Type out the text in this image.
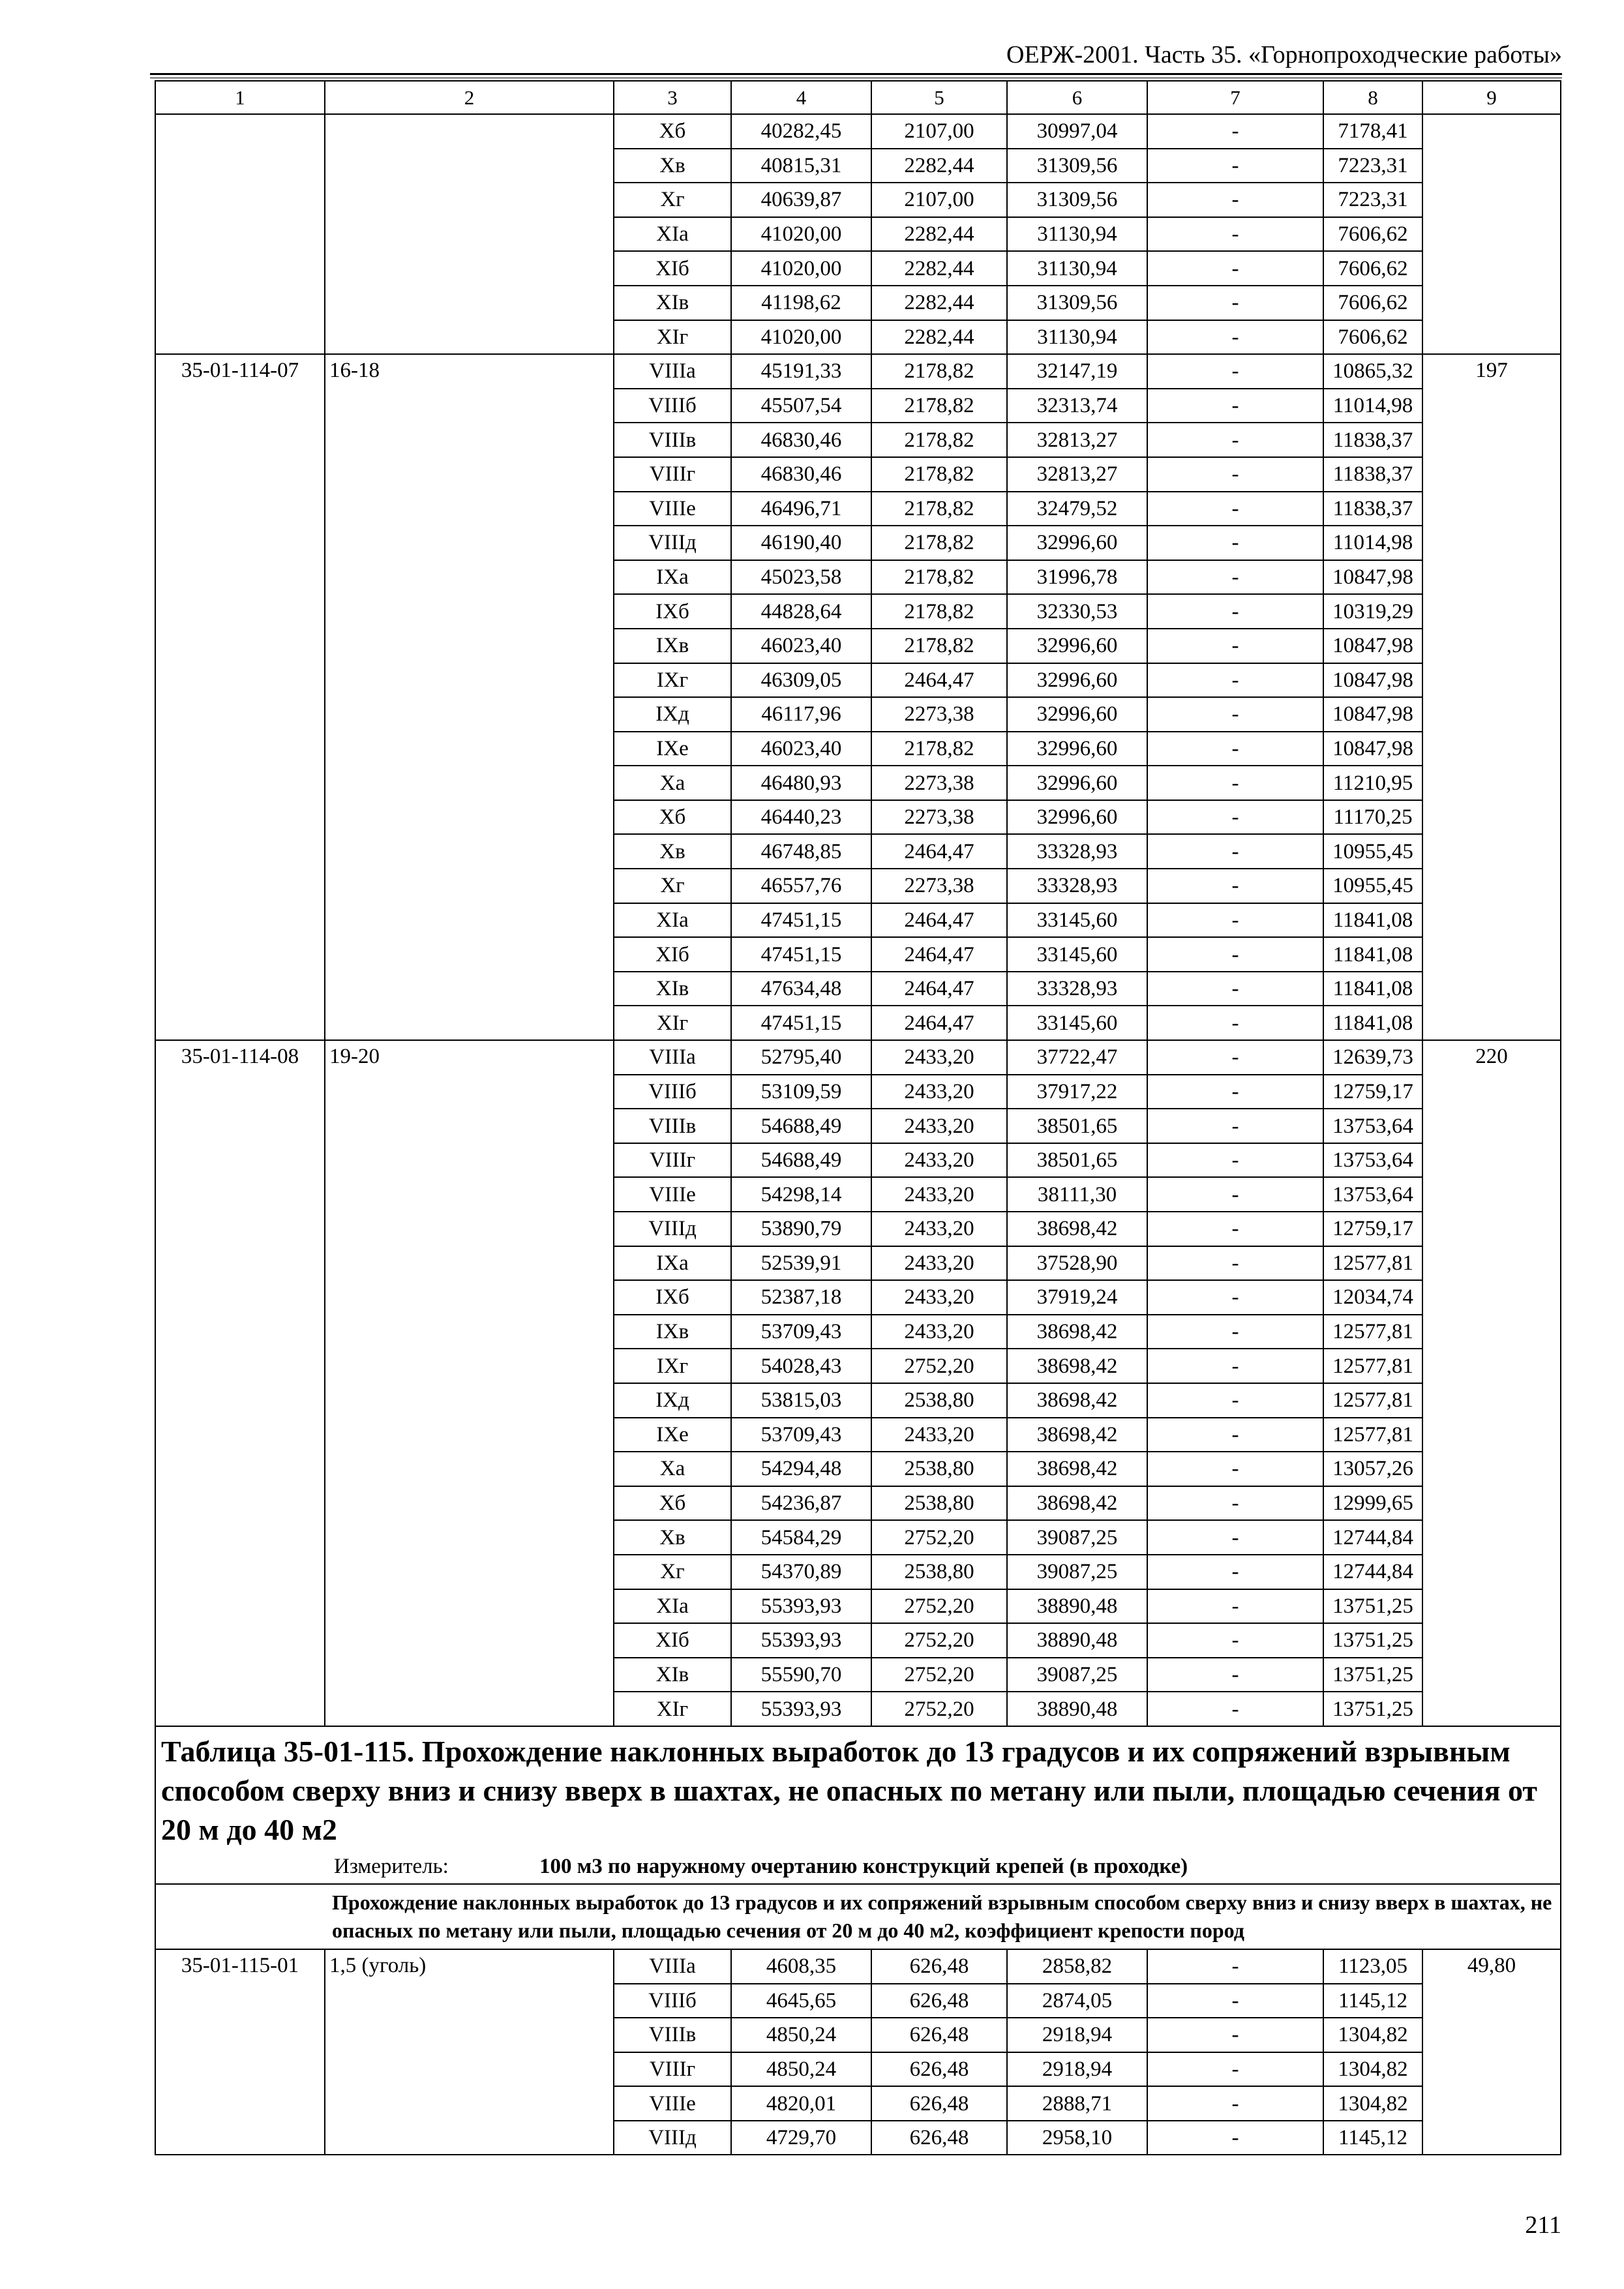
ОЕРЖ-2001. Часть 35. «Горнопроходческие работы»
1	2	3	4	5	6	7	8	9
		Xб	40282,45	2107,00	30997,04	-	7178,41	
		Xв	40815,31	2282,44	31309,56	-	7223,31	
		Xг	40639,87	2107,00	31309,56	-	7223,31	
		XIа	41020,00	2282,44	31130,94	-	7606,62	
		XIб	41020,00	2282,44	31130,94	-	7606,62	
		XIв	41198,62	2282,44	31309,56	-	7606,62	
		XIг	41020,00	2282,44	31130,94	-	7606,62	
35-01-114-07	16-18	VIIIа	45191,33	2178,82	32147,19	-	10865,32	197
		VIIIб	45507,54	2178,82	32313,74	-	11014,98	
		VIIIв	46830,46	2178,82	32813,27	-	11838,37	
		VIIIг	46830,46	2178,82	32813,27	-	11838,37	
		VIIIе	46496,71	2178,82	32479,52	-	11838,37	
		VIIIд	46190,40	2178,82	32996,60	-	11014,98	
		IXа	45023,58	2178,82	31996,78	-	10847,98	
		IXб	44828,64	2178,82	32330,53	-	10319,29	
		IXв	46023,40	2178,82	32996,60	-	10847,98	
		IXг	46309,05	2464,47	32996,60	-	10847,98	
		IXд	46117,96	2273,38	32996,60	-	10847,98	
		IXе	46023,40	2178,82	32996,60	-	10847,98	
		Xа	46480,93	2273,38	32996,60	-	11210,95	
		Xб	46440,23	2273,38	32996,60	-	11170,25	
		Xв	46748,85	2464,47	33328,93	-	10955,45	
		Xг	46557,76	2273,38	33328,93	-	10955,45	
		XIа	47451,15	2464,47	33145,60	-	11841,08	
		XIб	47451,15	2464,47	33145,60	-	11841,08	
		XIв	47634,48	2464,47	33328,93	-	11841,08	
		XIг	47451,15	2464,47	33145,60	-	11841,08	
35-01-114-08	19-20	VIIIа	52795,40	2433,20	37722,47	-	12639,73	220
		VIIIб	53109,59	2433,20	37917,22	-	12759,17	
		VIIIв	54688,49	2433,20	38501,65	-	13753,64	
		VIIIг	54688,49	2433,20	38501,65	-	13753,64	
		VIIIе	54298,14	2433,20	38111,30	-	13753,64	
		VIIIд	53890,79	2433,20	38698,42	-	12759,17	
		IXа	52539,91	2433,20	37528,90	-	12577,81	
		IXб	52387,18	2433,20	37919,24	-	12034,74	
		IXв	53709,43	2433,20	38698,42	-	12577,81	
		IXг	54028,43	2752,20	38698,42	-	12577,81	
		IXд	53815,03	2538,80	38698,42	-	12577,81	
		IXе	53709,43	2433,20	38698,42	-	12577,81	
		Xа	54294,48	2538,80	38698,42	-	13057,26	
		Xб	54236,87	2538,80	38698,42	-	12999,65	
		Xв	54584,29	2752,20	39087,25	-	12744,84	
		Xг	54370,89	2538,80	39087,25	-	12744,84	
		XIа	55393,93	2752,20	38890,48	-	13751,25	
		XIб	55393,93	2752,20	38890,48	-	13751,25	
		XIв	55590,70	2752,20	39087,25	-	13751,25	
		XIг	55393,93	2752,20	38890,48	-	13751,25	

Таблица 35-01-115. Прохождение наклонных выработок до 13 градусов и их сопряжений взрывным способом сверху вниз и снизу вверх в шахтах, не опасных по метану или пыли, площадью сечения от 20 м до 40 м2
Измеритель: 100 м3 по наружному очертанию конструкций крепей (в проходке)								

Прохождение наклонных выработок до 13 градусов и их сопряжений взрывным способом сверху вниз и снизу вверх в шахтах, не опасных по метану или пыли, площадью сечения от 20 м до 40 м2, коэффициент крепости пород								

35-01-115-01	1,5 (уголь)	VIIIа	4608,35	626,48	2858,82	-	1123,05	49,80
		VIIIб	4645,65	626,48	2874,05	-	1145,12	
		VIIIв	4850,24	626,48	2918,94	-	1304,82	
		VIIIг	4850,24	626,48	2918,94	-	1304,82	
		VIIIе	4820,01	626,48	2888,71	-	1304,82	
		VIIIд	4729,70	626,48	2958,10	-	1145,12	
211
